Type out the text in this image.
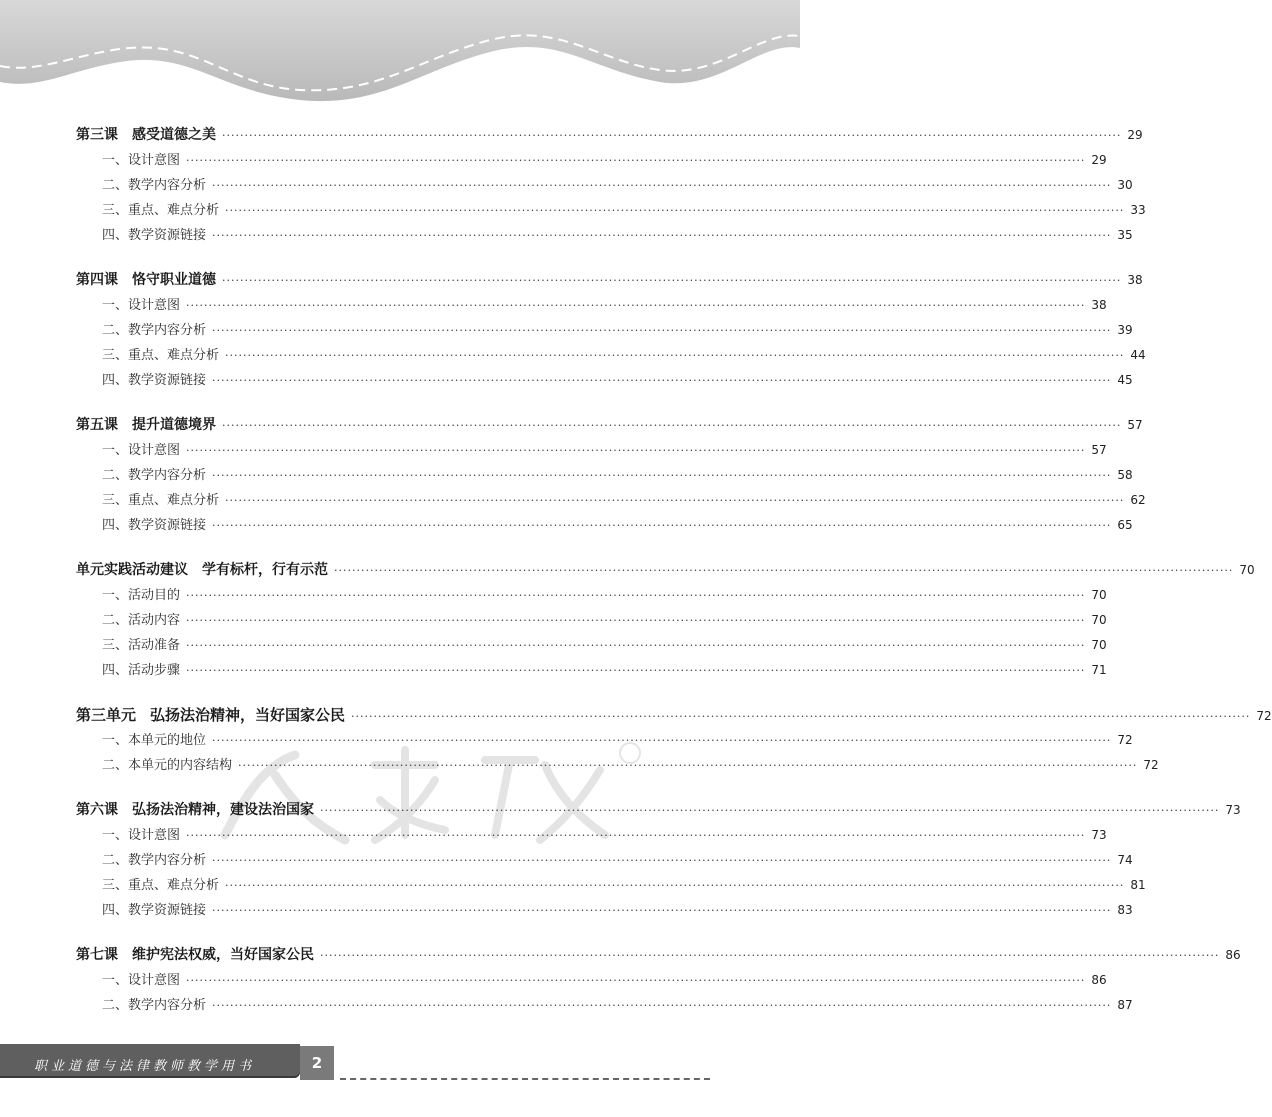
第三课 感受道德之美 ········································································································································································································ 29
一、设计意图 ········································································································································································································ 29
二、教学内容分析 ········································································································································································································ 30
三、重点、难点分析 ········································································································································································································ 33
四、教学资源链接 ········································································································································································································ 35
第四课 恪守职业道德 ········································································································································································································ 38
一、设计意图 ········································································································································································································ 38
二、教学内容分析 ········································································································································································································ 39
三、重点、难点分析 ········································································································································································································ 44
四、教学资源链接 ········································································································································································································ 45
第五课 提升道德境界 ········································································································································································································ 57
一、设计意图 ········································································································································································································ 57
二、教学内容分析 ········································································································································································································ 58
三、重点、难点分析 ········································································································································································································ 62
四、教学资源链接 ········································································································································································································ 65
单元实践活动建议 学有标杆，行有示范 ········································································································································································································ 70
一、活动目的 ········································································································································································································ 70
二、活动内容 ········································································································································································································ 70
三、活动准备 ········································································································································································································ 70
四、活动步骤 ········································································································································································································ 71
第三单元 弘扬法治精神，当好国家公民 ········································································································································································································ 72
一、本单元的地位 ········································································································································································································ 72
二、本单元的内容结构 ········································································································································································································ 72
第六课 弘扬法治精神，建设法治国家 ········································································································································································································ 73
一、设计意图 ········································································································································································································ 73
二、教学内容分析 ········································································································································································································ 74
三、重点、难点分析 ········································································································································································································ 81
四、教学资源链接 ········································································································································································································ 83
第七课 维护宪法权威，当好国家公民 ········································································································································································································ 86
一、设计意图 ········································································································································································································ 86
二、教学内容分析 ········································································································································································································ 87
职业道德与法律教师教学用书	2
